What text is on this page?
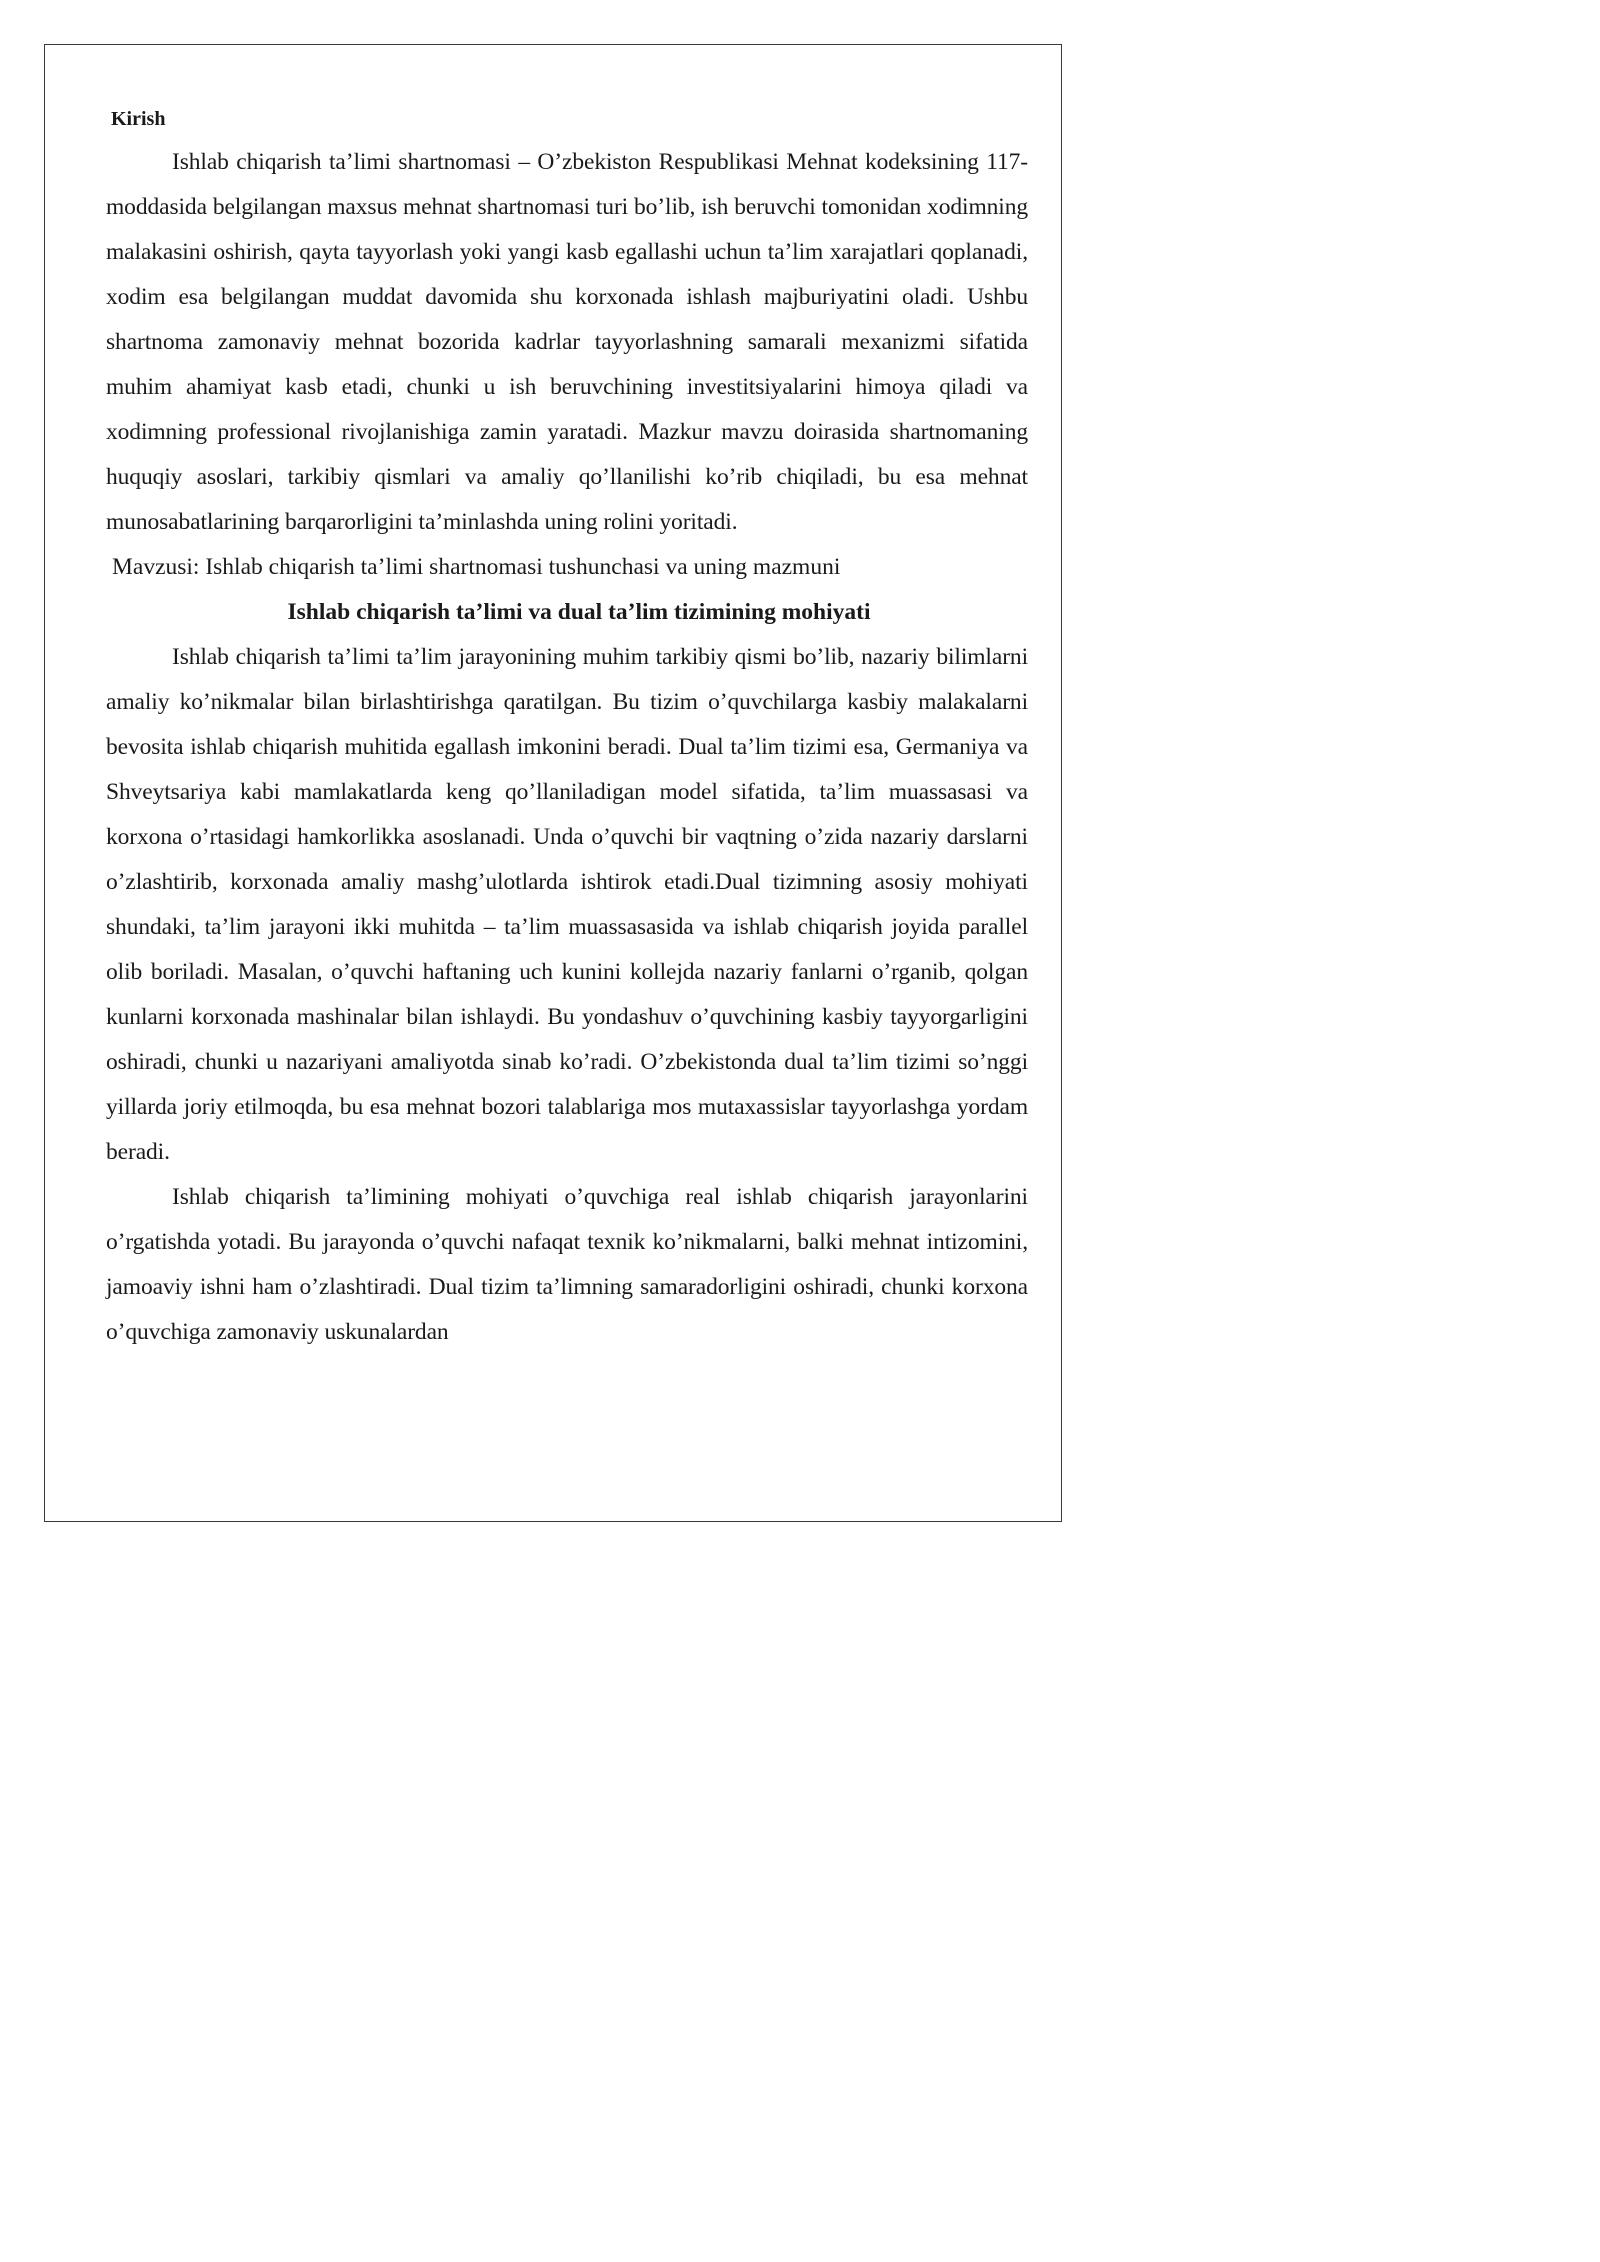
Kirish

Ishlab chiqarish ta’limi shartnomasi – O’zbekiston Respublikasi Mehnat kodeksining 117-moddasida belgilangan maxsus mehnat shartnomasi turi bo’lib, ish beruvchi tomonidan xodimning malakasini oshirish, qayta tayyorlash yoki yangi kasb egallashi uchun ta’lim xarajatlari qoplanadi, xodim esa belgilangan muddat davomida shu korxonada ishlash majburiyatini oladi. Ushbu shartnoma zamonaviy mehnat bozorida kadrlar tayyorlashning samarali mexanizmi sifatida muhim ahamiyat kasb etadi, chunki u ish beruvchining investitsiyalarini himoya qiladi va xodimning professional rivojlanishiga zamin yaratadi. Mazkur mavzu doirasida shartnomaning huquqiy asoslari, tarkibiy qismlari va amaliy qo’llanilishi ko’rib chiqiladi, bu esa mehnat munosabatlarining barqarorligini ta’minlashda uning rolini yoritadi.

Mavzusi: Ishlab chiqarish ta’limi shartnomasi tushunchasi va uning mazmuni

Ishlab chiqarish ta’limi va dual ta’lim tizimining mohiyati

Ishlab chiqarish ta’limi ta’lim jarayonining muhim tarkibiy qismi bo’lib, nazariy bilimlarni amaliy ko’nikmalar bilan birlashtirishga qaratilgan. Bu tizim o’quvchilarga kasbiy malakalarni bevosita ishlab chiqarish muhitida egallash imkonini beradi. Dual ta’lim tizimi esa, Germaniya va Shveytsariya kabi mamlakatlarda keng qo’llaniladigan model sifatida, ta’lim muassasasi va korxona o’rtasidagi hamkorlikka asoslanadi. Unda o’quvchi bir vaqtning o’zida nazariy darslarni o’zlashtirib, korxonada amaliy mashg’ulotlarda ishtirok etadi.Dual tizimning asosiy mohiyati shundaki, ta’lim jarayoni ikki muhitda – ta’lim muassasasida va ishlab chiqarish joyida parallel olib boriladi. Masalan, o’quvchi haftaning uch kunini kollejda nazariy fanlarni o’rganib, qolgan kunlarni korxonada mashinalar bilan ishlaydi. Bu yondashuv o’quvchining kasbiy tayyorgarligini oshiradi, chunki u nazariyani amaliyotda sinab ko’radi. O’zbekistonda dual ta’lim tizimi so’nggi yillarda joriy etilmoqda, bu esa mehnat bozori talablariga mos mutaxassislar tayyorlashga yordam beradi.

Ishlab chiqarish ta’limining mohiyati o’quvchiga real ishlab chiqarish jarayonlarini o’rgatishda yotadi. Bu jarayonda o’quvchi nafaqat texnik ko’nikmalarni, balki mehnat intizomini, jamoaviy ishni ham o’zlashtiradi. Dual tizim ta’limning samaradorligini oshiradi, chunki korxona o’quvchiga zamonaviy uskunalardan
